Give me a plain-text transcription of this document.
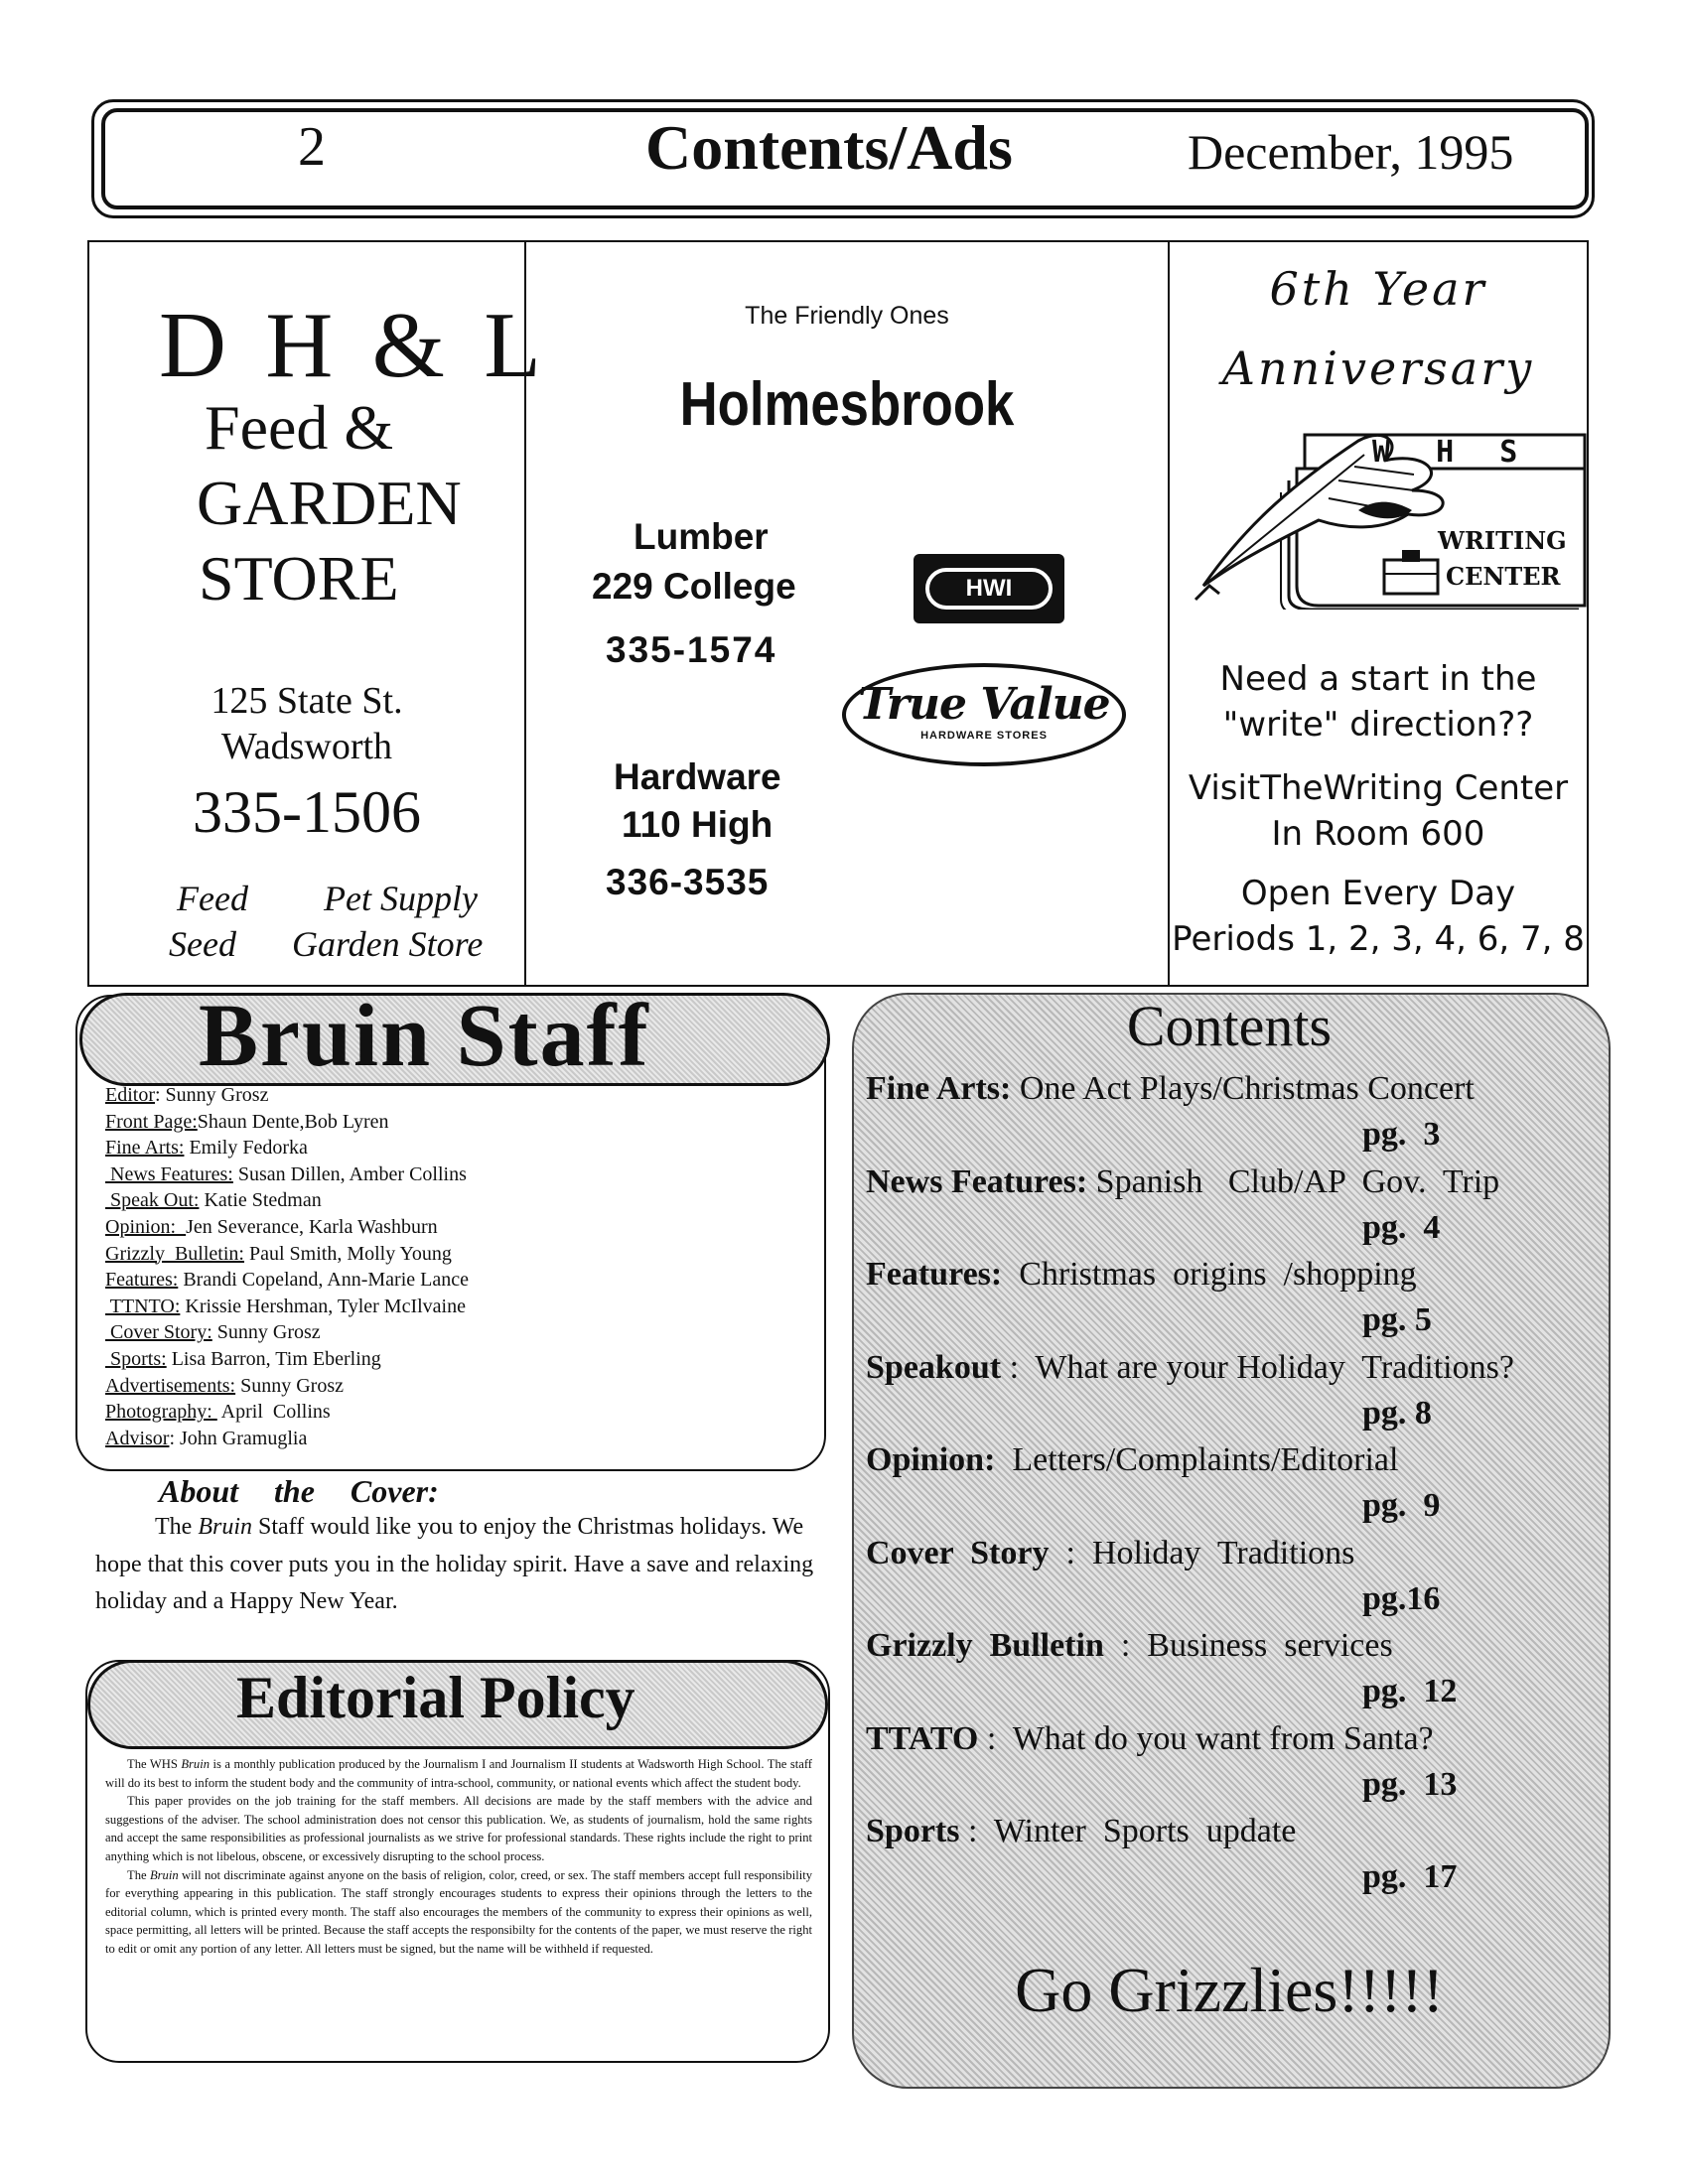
2	Contents/Ads	December, 1995
D H & L
Feed &
GARDEN
STORE
125 State St.
Wadsworth
335-1506
Feed Pet Supply
Seed Garden Store
The Friendly Ones
Holmesbrook
Lumber
229 College	HWI
335-1574
True Value
HARDWARE STORES
Hardware
110 High
336-3535
6th Year
Anniversary
W H S
WRITING
CENTER
Need a start in the
"write" direction??
VisitTheWriting Center
In Room 600
Open Every Day
Periods 1, 2, 3, 4, 6, 7, 8
Bruin Staff
Editor: Sunny Grosz
Front Page:Shaun Dente,Bob Lyren
Fine Arts: Emily Fedorka
News Features: Susan Dillen, Amber Collins
Speak Out: Katie Stedman
Opinion:  Jen Severance, Karla Washburn
Grizzly  Bulletin: Paul Smith, Molly Young
Features: Brandi Copeland, Ann-Marie Lance
TTNTO: Krissie Hershman, Tyler McIlvaine
Cover Story: Sunny Grosz
Sports: Lisa Barron, Tim Eberling
Advertisements: Sunny Grosz
Photography:  April  Collins
Advisor: John Gramuglia
About the Cover:
The Bruin Staff would like you to enjoy the Christmas holidays. We hope that this cover puts you in the holiday spirit. Have a save and relaxing holiday and a Happy New Year.
Editorial Policy

The WHS Bruin is a monthly publication produced by the Journalism I and Journalism II students at Wadsworth High School. The staff will do its best to inform the student body and the community of intra-school, community, or national events which affect the student body.

This paper provides on the job training for the staff members. All decisions are made by the staff members with the advice and suggestions of the adviser. The school administration does not censor this publication. We, as students of journalism, hold the same rights and accept the same responsibilities as professional journalists as we strive for professional standards. These rights include the right to print anything which is not libelous, obscene, or excessively disrupting to the school process.

The Bruin will not discriminate against anyone on the basis of religion, color, creed, or sex. The staff members accept full responsibility for everything appearing in this publication. The staff strongly encourages students to express their opinions through the letters to the editorial column, which is printed every month. The staff also encourages the members of the community to express their opinions as well, space permitting, all letters will be printed. Because the staff accepts the responsibilty for the contents of the paper, we must reserve the right to edit or omit any portion of any letter. All letters must be signed, but the name will be withheld if requested.

Contents
Fine Arts: One Act Plays/Christmas Concert
pg.  3
News Features: Spanish   Club/AP  Gov.  Trip
pg.  4
Features:  Christmas  origins  /shopping
pg. 5
Speakout :  What are your Holiday  Traditions?
pg. 8
Opinion:  Letters/Complaints/Editorial
pg.  9
Cover  Story  :  Holiday  Traditions
pg.16
Grizzly  Bulletin  :  Business  services
pg.  12
TTATO :  What do you want from Santa?
pg.  13
Sports :  Winter  Sports  update
pg.  17
Go Grizzlies!!!!!
